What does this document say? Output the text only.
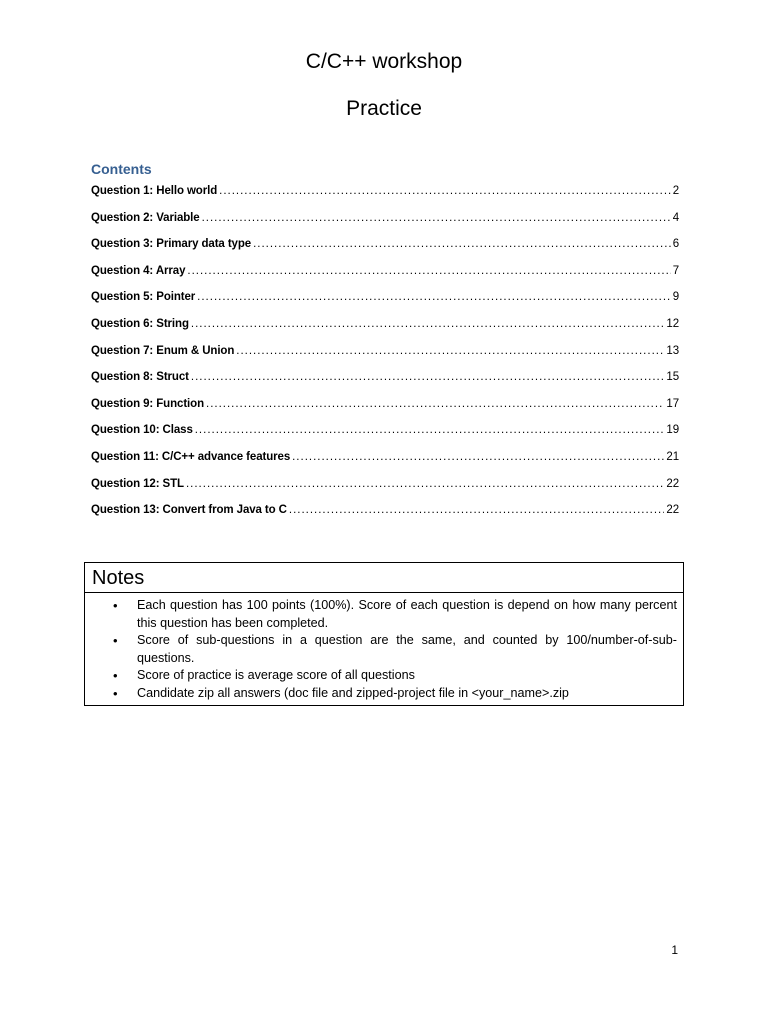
C/C++ workshop
Practice
Contents
Question 1: Hello world .....	2
Question 2: Variable .....	4
Question 3: Primary data type .....	6
Question 4: Array .....	7
Question 5: Pointer .....	9
Question 6: String .....	12
Question 7: Enum & Union .....	13
Question 8: Struct .....	15
Question 9: Function .....	17
Question 10: Class .....	19
Question 11: C/C++ advance features .....	21
Question 12: STL .....	22
Question 13: Convert from Java to C .....	22
Notes
• Each question has 100 points (100%). Score of each question is depend on how many percent this question has been completed.
• Score of sub-questions in a question are the same, and counted by 100/number-of-sub-questions.
• Score of practice is average score of all questions
• Candidate zip all answers (doc file and zipped-project file in <your_name>.zip
1
